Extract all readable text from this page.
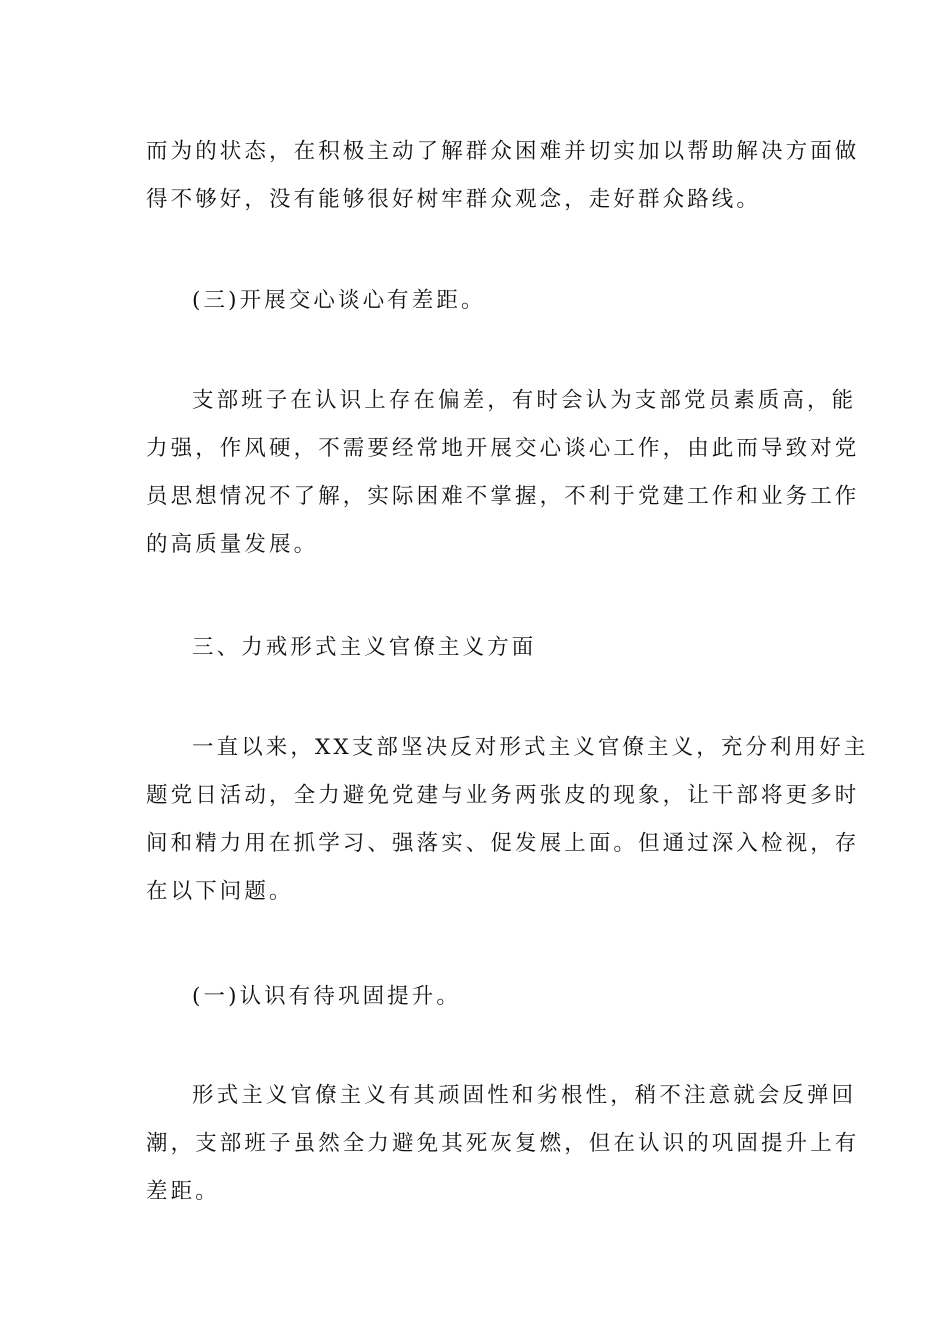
而为的状态，在积极主动了解群众困难并切实加以帮助解决方面做
得不够好，没有能够很好树牢群众观念，走好群众路线。

(三)开展交心谈心有差距。

支部班子在认识上存在偏差，有时会认为支部党员素质高，能
力强，作风硬，不需要经常地开展交心谈心工作，由此而导致对党
员思想情况不了解，实际困难不掌握，不利于党建工作和业务工作
的高质量发展。

三、力戒形式主义官僚主义方面

一直以来，XX支部坚决反对形式主义官僚主义，充分利用好主
题党日活动，全力避免党建与业务两张皮的现象，让干部将更多时
间和精力用在抓学习、强落实、促发展上面。但通过深入检视，存
在以下问题。

(一)认识有待巩固提升。

形式主义官僚主义有其顽固性和劣根性，稍不注意就会反弹回
潮，支部班子虽然全力避免其死灰复燃，但在认识的巩固提升上有
差距。
